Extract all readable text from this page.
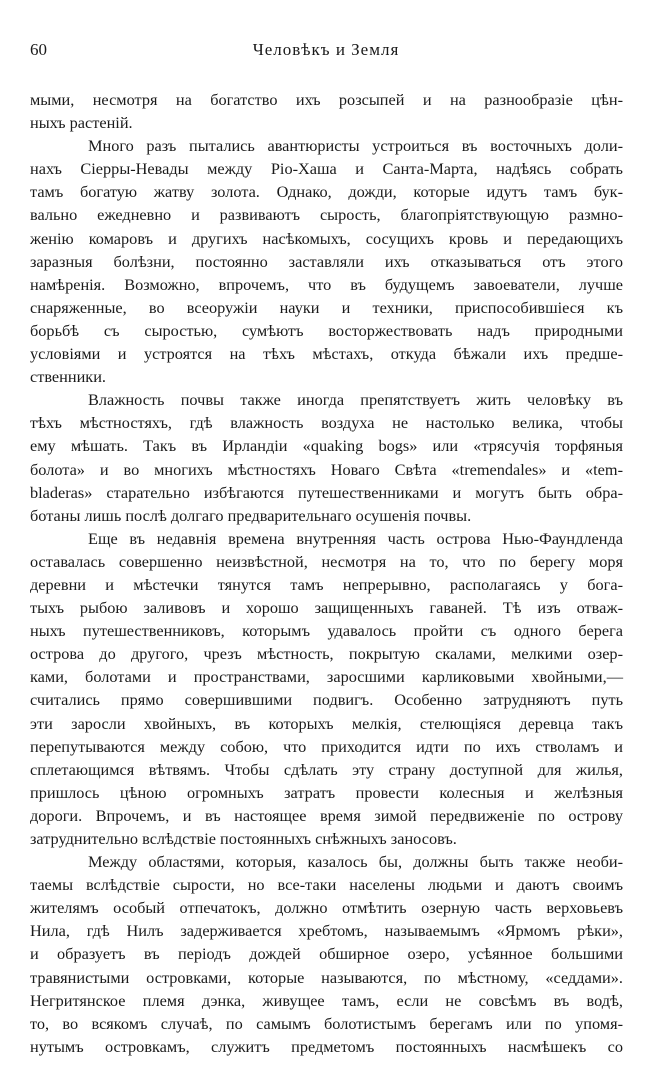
60	Человѣкъ и Земля
мыми, несмотря на богатство ихъ розсыпей и на разнообразіе цѣн-
ныхъ растеній.
Много разъ пытались авантюристы устроиться въ восточныхъ доли-
нахъ Сіерры-Невады между Ріо-Хаша и Санта-Марта, надѣясь собрать
тамъ богатую жатву золота. Однако, дожди, которые идутъ тамъ бук-
вально ежедневно и развиваютъ сырость, благопріятствующую размно-
женію комаровъ и другихъ насѣкомыхъ, сосущихъ кровь и передающихъ
заразныя болѣзни, постоянно заставляли ихъ отказываться отъ этого
намѣренія. Возможно, впрочемъ, что въ будущемъ завоеватели, лучше
снаряженные, во всеоружіи науки и техники, приспособившіеся къ
борьбѣ съ сыростью, сумѣютъ восторжествовать надъ природными
условіями и устроятся на тѣхъ мѣстахъ, откуда бѣжали ихъ предше-
ственники.
Влажность почвы также иногда препятствуетъ жить человѣку въ
тѣхъ мѣстностяхъ, гдѣ влажность воздуха не настолько велика, чтобы
ему мѣшать. Такъ въ Ирландіи «quaking bogs» или «трясучія торфяныя
болота» и во многихъ мѣстностяхъ Новаго Свѣта «tremendales» и «tem-
bladeras» старательно избѣгаются путешественниками и могутъ быть обра-
ботаны лишь послѣ долгаго предварительнаго осушенія почвы.
Еще въ недавнія времена внутренняя часть острова Нью-Фаундленда
оставалась совершенно неизвѣстной, несмотря на то, что по берегу моря
деревни и мѣстечки тянутся тамъ непрерывно, располагаясь у бога-
тыхъ рыбою заливовъ и хорошо защищенныхъ гаваней. Тѣ изъ отваж-
ныхъ путешественниковъ, которымъ удавалось пройти съ одного берега
острова до другого, чрезъ мѣстность, покрытую скалами, мелкими озер-
ками, болотами и пространствами, заросшими карликовыми хвойными,—
считались прямо совершившими подвигъ. Особенно затрудняютъ путь
эти заросли хвойныхъ, въ которыхъ мелкія, стелющіяся деревца такъ
перепутываются между собою, что приходится идти по ихъ стволамъ и
сплетающимся вѣтвямъ. Чтобы сдѣлать эту страну доступной для жилья,
пришлось цѣною огромныхъ затратъ провести колесныя и желѣзныя
дороги. Впрочемъ, и въ настоящее время зимой передвиженіе по острову
затруднительно вслѣдствіе постоянныхъ снѣжныхъ заносовъ.
Между областями, которыя, казалось бы, должны быть также необи-
таемы вслѣдствіе сырости, но все-таки населены людьми и даютъ своимъ
жителямъ особый отпечатокъ, должно отмѣтить озерную часть верховьевъ
Нила, гдѣ Нилъ задерживается хребтомъ, называемымъ «Ярмомъ рѣки»,
и образуетъ въ періодъ дождей обширное озеро, усѣянное большими
травянистыми островками, которые называются, по мѣстному, «седдами».
Негритянское племя дэнка, живущее тамъ, если не совсѣмъ въ водѣ,
то, во всякомъ случаѣ, по самымъ болотистымъ берегамъ или по упомя-
нутымъ островкамъ, служитъ предметомъ постоянныхъ насмѣшекъ со
